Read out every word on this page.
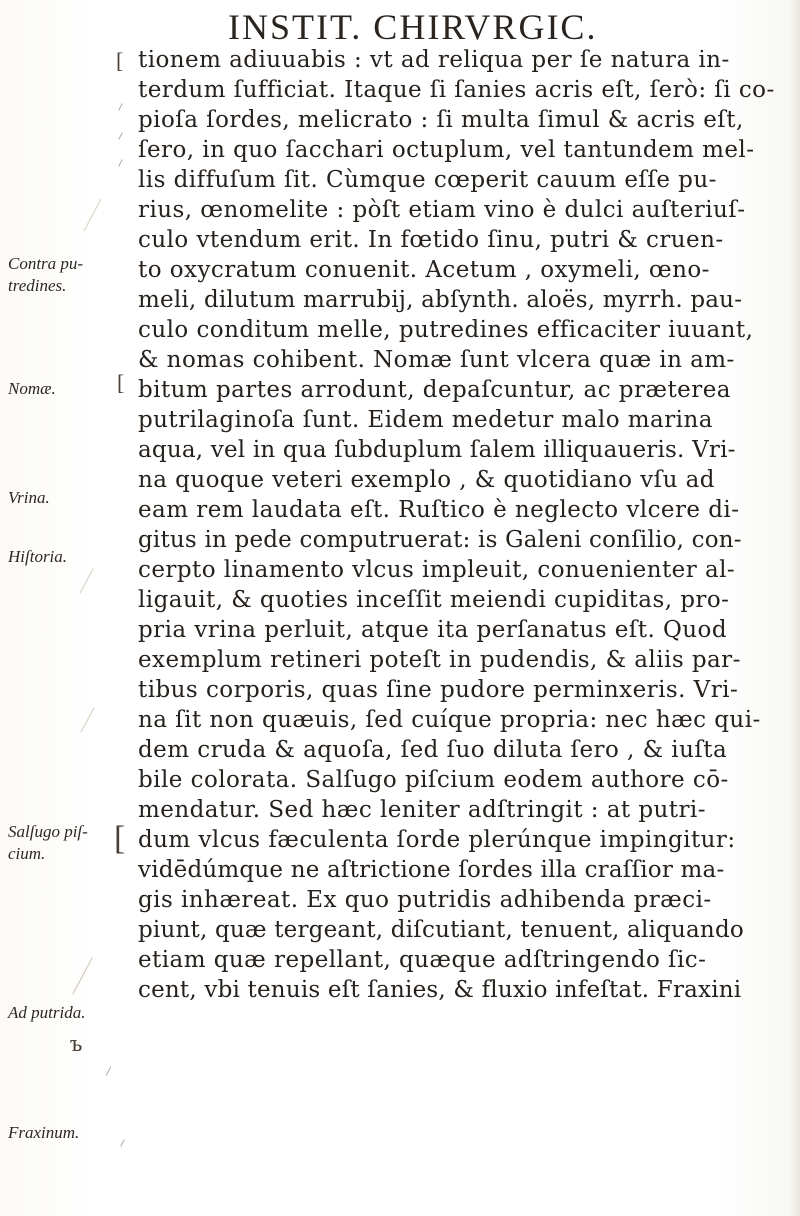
INSTIT. CHIRVRGIC.
tionem adiuuabis : vt ad reliqua per ſe natura in-
terdum ſufficiat. Itaque ſi ſanies acris eſt, ſerò: ſi co-
pioſa ſordes, melicrato : ſi multa ſimul & acris eſt,
ſero, in quo ſacchari octuplum, vel tantundem mel-
lis diffuſum ſit. Cùmque cœperit cauum eſſe pu-
rius, œnomelite : pòſt etiam vino è dulci auſteriuſ-
culo vtendum erit. In fœtido ſinu, putri & cruen-
to oxycratum conuenit. Acetum , oxymeli, œno-
meli, dilutum marrubij, abſynth. aloës, myrrh. pau-
culo conditum melle, putredines efficaciter iuuant,
& nomas cohibent. Nomæ ſunt vlcera quæ in am-
bitum partes arrodunt, depaſcuntur, ac præterea
putrilaginoſa ſunt. Eidem medetur malo marina
aqua, vel in qua ſubduplum ſalem illiquaueris. Vri-
na quoque veteri exemplo , & quotidiano vſu ad
eam rem laudata eſt. Ruſtico è neglecto vlcere di-
gitus in pede computruerat: is Galeni conſilio, con-
cerpto linamento vlcus impleuit, conuenienter al-
ligauit, & quoties inceſſit meiendi cupiditas, pro-
pria vrina perluit, atque ita perſanatus eſt. Quod
exemplum retineri poteſt in pudendis, & aliis par-
tibus corporis, quas ſine pudore perminxeris. Vri-
na ſit non quæuis, ſed cuíque propria: nec hæc qui-
dem cruda & aquoſa, ſed ſuo diluta ſero , & iuſta
bile colorata. Salſugo piſcium eodem authore cō-
mendatur. Sed hæc leniter adſtringit : at putri-
dum vlcus fæculenta ſorde plerúnque impingitur:
vidēdúmque ne aſtrictione ſordes illa craſſior ma-
gis inhæreat. Ex quo putridis adhibenda præci-
piunt, quæ tergeant, diſcutiant, tenuent, aliquando
etiam quæ repellant, quæque adſtringendo ſic-
cent, vbi tenuis eſt ſanies, & fluxio infeſtat. Fraxini
Contra pu-
tredines.
Nomæ.
Vrina.
Hiſtoria.
Salſugo piſ-
cium.
Ad putrida.
Fraxinum.
[
[
[
ъ
